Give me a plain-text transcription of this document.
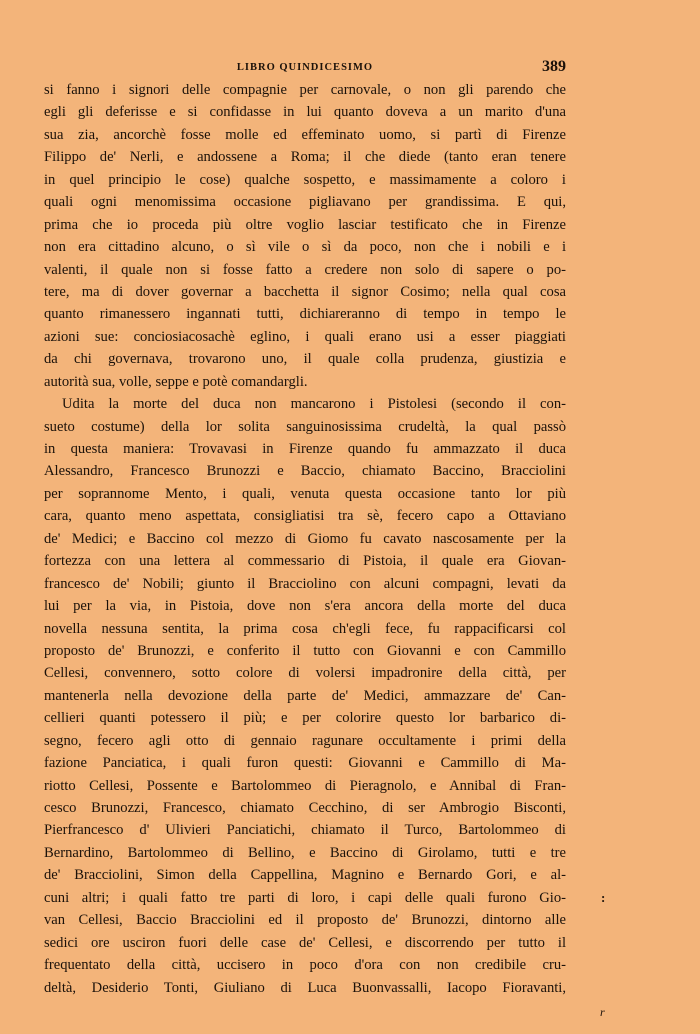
LIBRO QUINDICESIMO	389
si fanno i signori delle compagnie per carnovale, o non gli parendo che
egli gli deferisse e si confidasse in lui quanto doveva a un marito d'una
sua zia, ancorchè fosse molle ed effeminato uomo, si partì di Firenze
Filippo de' Nerli, e andossene a Roma; il che diede (tanto eran tenere
in quel principio le cose) qualche sospetto, e massimamente a coloro i
quali ogni menomissima occasione pigliavano per grandissima. E qui,
prima che io proceda più oltre voglio lasciar testificato che in Firenze
non era cittadino alcuno, o sì vile o sì da poco, non che i nobili e i
valenti, il quale non si fosse fatto a credere non solo di sapere o po-
tere, ma di dover governar a bacchetta il signor Cosimo; nella qual cosa
quanto rimanessero ingannati tutti, dichiareranno di tempo in tempo le
azioni sue: conciosiacosachè eglino, i quali erano usi a esser piaggiati
da chi governava, trovarono uno, il quale colla prudenza, giustizia e
autorità sua, volle, seppe e potè comandargli.
Udita la morte del duca non mancarono i Pistolesi (secondo il con-
sueto costume) della lor solita sanguinosissima crudeltà, la qual passò
in questa maniera: Trovavasi in Firenze quando fu ammazzato il duca
Alessandro, Francesco Brunozzi e Baccio, chiamato Baccino, Bracciolini
per soprannome Mento, i quali, venuta questa occasione tanto lor più
cara, quanto meno aspettata, consigliatisi tra sè, fecero capo a Ottaviano
de' Medici; e Baccino col mezzo di Giomo fu cavato nascosamente per la
fortezza con una lettera al commessario di Pistoia, il quale era Giovan-
francesco de' Nobili; giunto il Bracciolino con alcuni compagni, levati da
lui per la via, in Pistoia, dove non s'era ancora della morte del duca
novella nessuna sentita, la prima cosa ch'egli fece, fu rappacificarsi col
proposto de' Brunozzi, e conferito il tutto con Giovanni e con Cammillo
Cellesi, convennero, sotto colore di volersi impadronire della città, per
mantenerla nella devozione della parte de' Medici, ammazzare de' Can-
cellieri quanti potessero il più; e per colorire questo lor barbarico di-
segno, fecero agli otto di gennaio ragunare occultamente i primi della
fazione Panciatica, i quali furon questi: Giovanni e Cammillo di Ma-
riotto Cellesi, Possente e Bartolommeo di Pieragnolo, e Annibal di Fran-
cesco Brunozzi, Francesco, chiamato Cecchino, di ser Ambrogio Bisconti,
Pierfrancesco d' Ulivieri Panciatichi, chiamato il Turco, Bartolommeo di
Bernardino, Bartolommeo di Bellino, e Baccino di Girolamo, tutti e tre
de' Bracciolini, Simon della Cappellina, Magnino e Bernardo Gori, e al-
cuni altri; i quali fatto tre parti di loro, i capi delle quali furono Gio-
van Cellesi, Baccio Bracciolini ed il proposto de' Brunozzi, dintorno alle
sedici ore usciron fuori delle case de' Cellesi, e discorrendo per tutto il
frequentato della città, uccisero in poco d'ora con non credibile cru-
deltà, Desiderio Tonti, Giuliano di Luca Buonvassalli, Iacopo Fioravanti,
:
r
